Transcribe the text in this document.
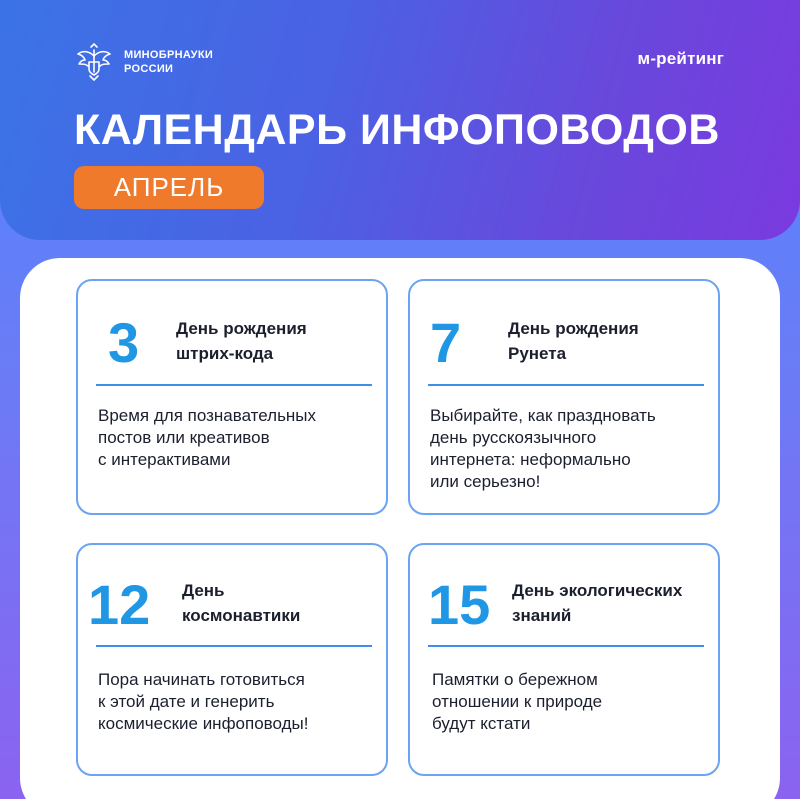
МИНОБРНАУКИ
РОССИИ
м-рейтинг
КАЛЕНДАРЬ ИНФОПОВОДОВ
АПРЕЛЬ
3 День рождения
штрих-кода
Время для познавательных
постов или креативов
с интерактивами
7	День рождения
Рунета
Выбирайте, как праздновать
день русскоязычного
интернета: неформально
или серьезно!
12 День
космонавтики
Пора начинать готовиться
к этой дате и генерить
космические инфоповоды!
15 День экологических
знаний
Памятки о бережном
отношении к природе
будут кстати
